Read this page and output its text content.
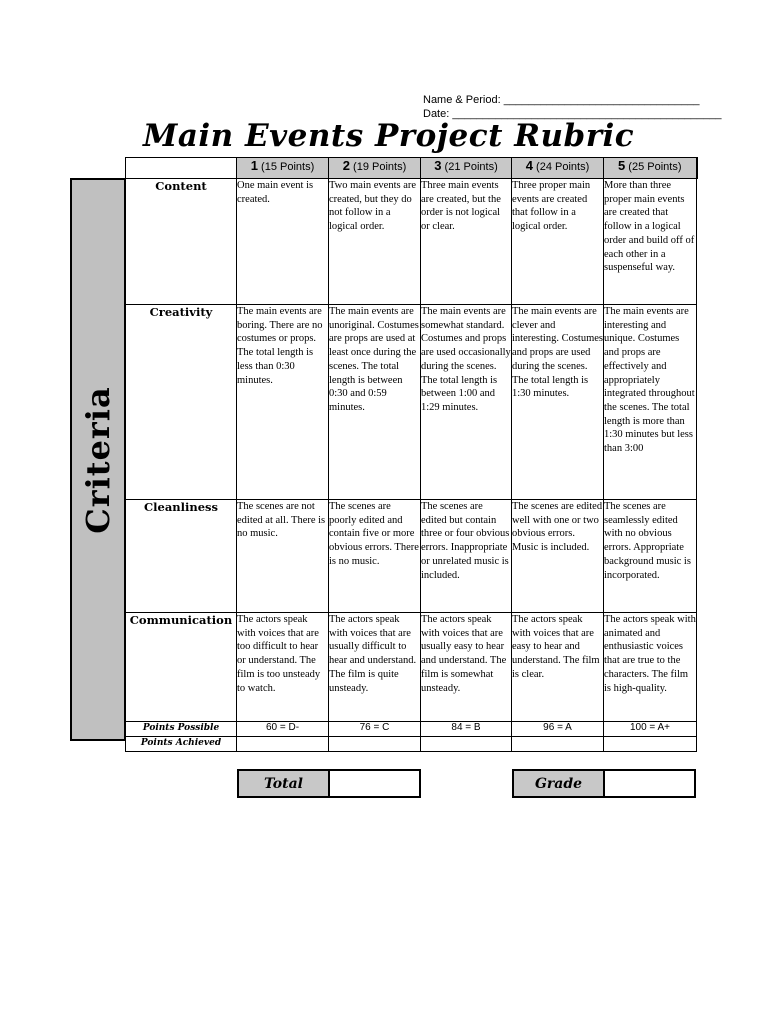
Name & Period: ________________________________
Date: ____________________________________________
Main Events Project Rubric
Criteria
	1 (15 Points)	2 (19 Points)	3 (21 Points)	4 (24 Points)	5 (25 Points)
Content	One main event is created.	Two main events are created, but they do not follow in a logical order.	Three main events are created, but the order is not logical or clear.	Three proper main events are created that follow in a logical order.	More than three proper main events are created that follow in a logical order and build off of each other in a suspenseful way.
Creativity	The main events are boring. There are no costumes or props. The total length is less than 0:30 minutes.	The main events are unoriginal. Costumes are props are used at least once during the scenes. The total length is between 0:30 and 0:59 minutes.	The main events are somewhat standard. Costumes and props are used occasionally during the scenes. The total length is between 1:00 and 1:29 minutes.	The main events are clever and interesting. Costumes and props are used during the scenes. The total length is 1:30 minutes.	The main events are interesting and unique. Costumes and props are effectively and appropriately integrated throughout the scenes. The total length is more than 1:30 minutes but less than 3:00
Cleanliness	The scenes are not edited at all. There is no music.	The scenes are poorly edited and contain five or more obvious errors. There is no music.	The scenes are edited but contain three or four obvious errors. Inappropriate or unrelated music is included.	The scenes are edited well with one or two obvious errors. Music is included.	The scenes are seamlessly edited with no obvious errors. Appropriate background music is incorporated.
Communication	The actors speak with voices that are too difficult to hear or understand. The film is too unsteady to watch.	The actors speak with voices that are usually difficult to hear and understand. The film is quite unsteady.	The actors speak with voices that are usually easy to hear and understand. The film is somewhat unsteady.	The actors speak with voices that are easy to hear and understand. The film is clear.	The actors speak with animated and enthusiastic voices that are true to the characters. The film is high-quality.
Points Possible	60 = D-	76 = C	84 = B	96 = A	100 = A+
Points Achieved					
Total	Grade
